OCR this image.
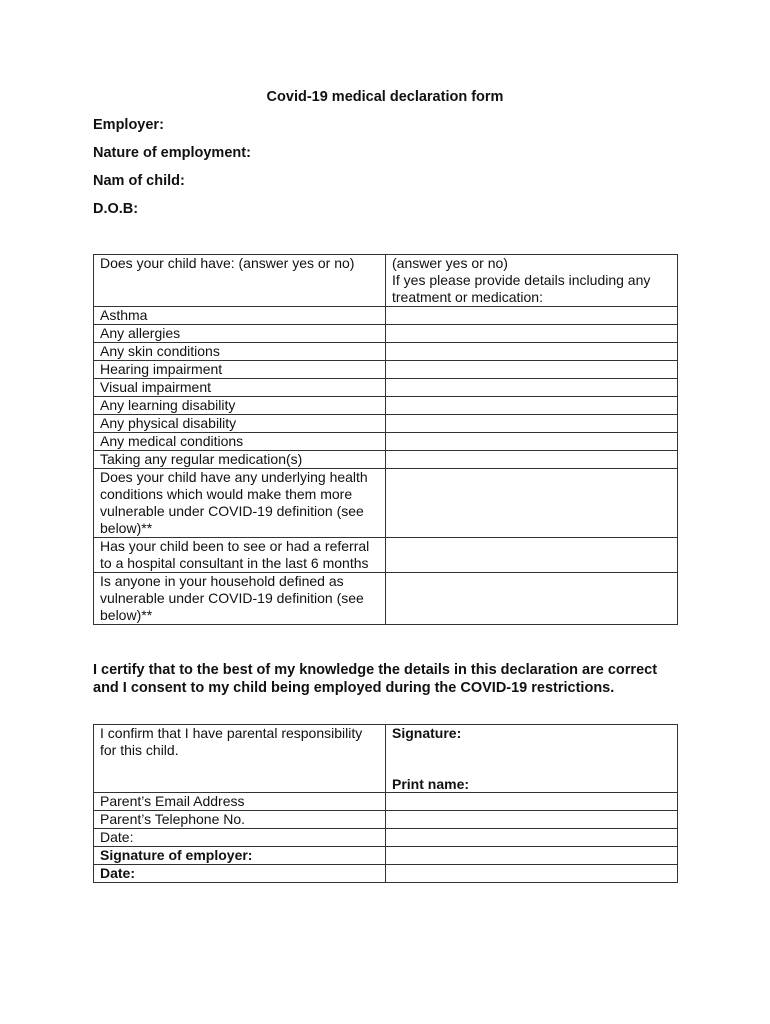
Covid-19 medical declaration form
Employer:
Nature of employment:
Nam of child:
D.O.B:
Does your child have: (answer yes or no)	(answer yes or no)
If yes please provide details including any treatment or medication:

Asthma	
Any allergies	
Any skin conditions	
Hearing impairment	
Visual impairment	
Any learning disability	
Any physical disability	
Any medical conditions	
Taking any regular medication(s)	
Does your child have any underlying health conditions which would make them more vulnerable under COVID-19 definition (see below)**	
Has your child been to see or had a referral to a hospital consultant in the last 6 months	
Is anyone in your household defined as vulnerable under COVID-19 definition (see below)**	
I certify that to the best of my knowledge the details in this declaration are correct and I consent to my child being employed during the COVID-19 restrictions.
I confirm that I have parental responsibility for this child.	Signature:
Print name:

Parent’s Email Address	
Parent’s Telephone No.	
Date:	
Signature of employer:	
Date:	
